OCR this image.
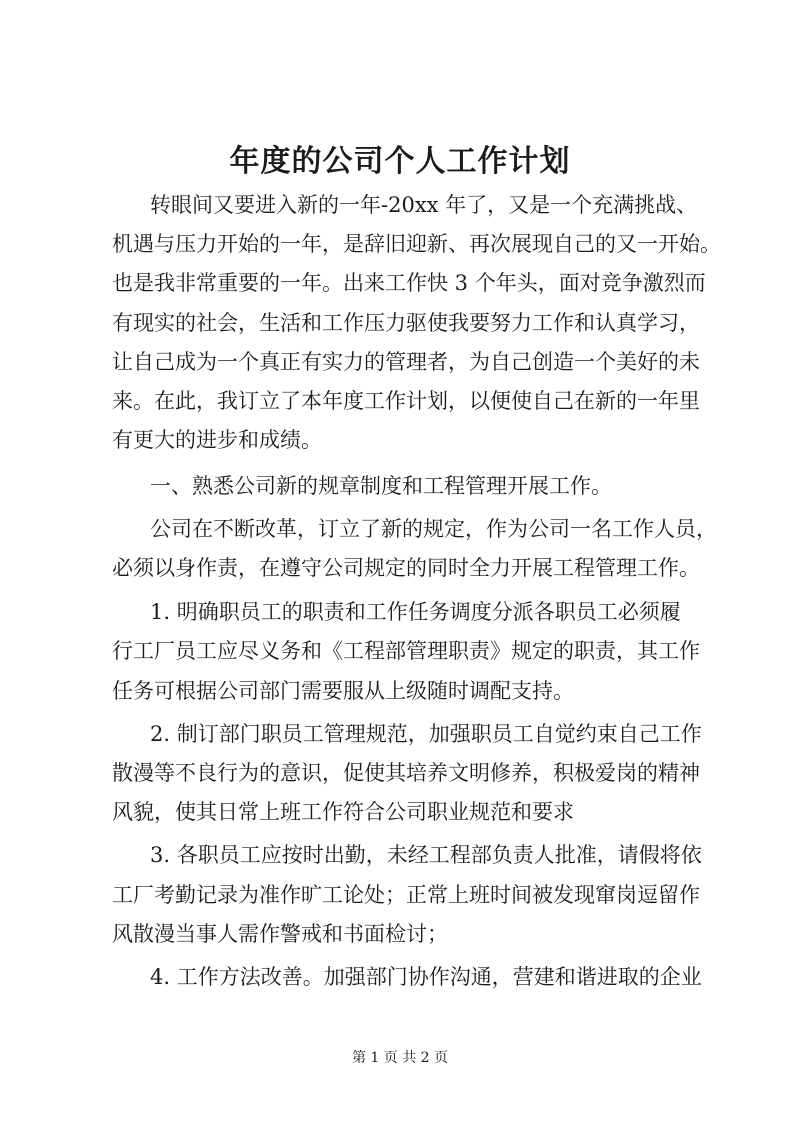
年度的公司个人工作计划
转眼间又要进入新的一年-20xx 年了，又是一个充满挑战、
机遇与压力开始的一年，是辞旧迎新、再次展现自己的又一开始。
也是我非常重要的一年。出来工作快 3 个年头，面对竞争激烈而
有现实的社会，生活和工作压力驱使我要努力工作和认真学习，
让自己成为一个真正有实力的管理者，为自己创造一个美好的未
来。在此，我订立了本年度工作计划，以便使自己在新的一年里
有更大的进步和成绩。
一、熟悉公司新的规章制度和工程管理开展工作。
公司在不断改革，订立了新的规定，作为公司一名工作人员，
必须以身作责，在遵守公司规定的同时全力开展工程管理工作。
1. 明确职员工的职责和工作任务调度分派各职员工必须履
行工厂员工应尽义务和《工程部管理职责》规定的职责，其工作
任务可根据公司部门需要服从上级随时调配支持。
2. 制订部门职员工管理规范，加强职员工自觉约束自己工作
散漫等不良行为的意识，促使其培养文明修养，积极爱岗的精神
风貌，使其日常上班工作符合公司职业规范和要求
3. 各职员工应按时出勤，未经工程部负责人批准，请假将依
工厂考勤记录为准作旷工论处；正常上班时间被发现窜岗逗留作
风散漫当事人需作警戒和书面检讨；
4. 工作方法改善。加强部门协作沟通，营建和谐进取的企业
第 1 页 共 2 页
